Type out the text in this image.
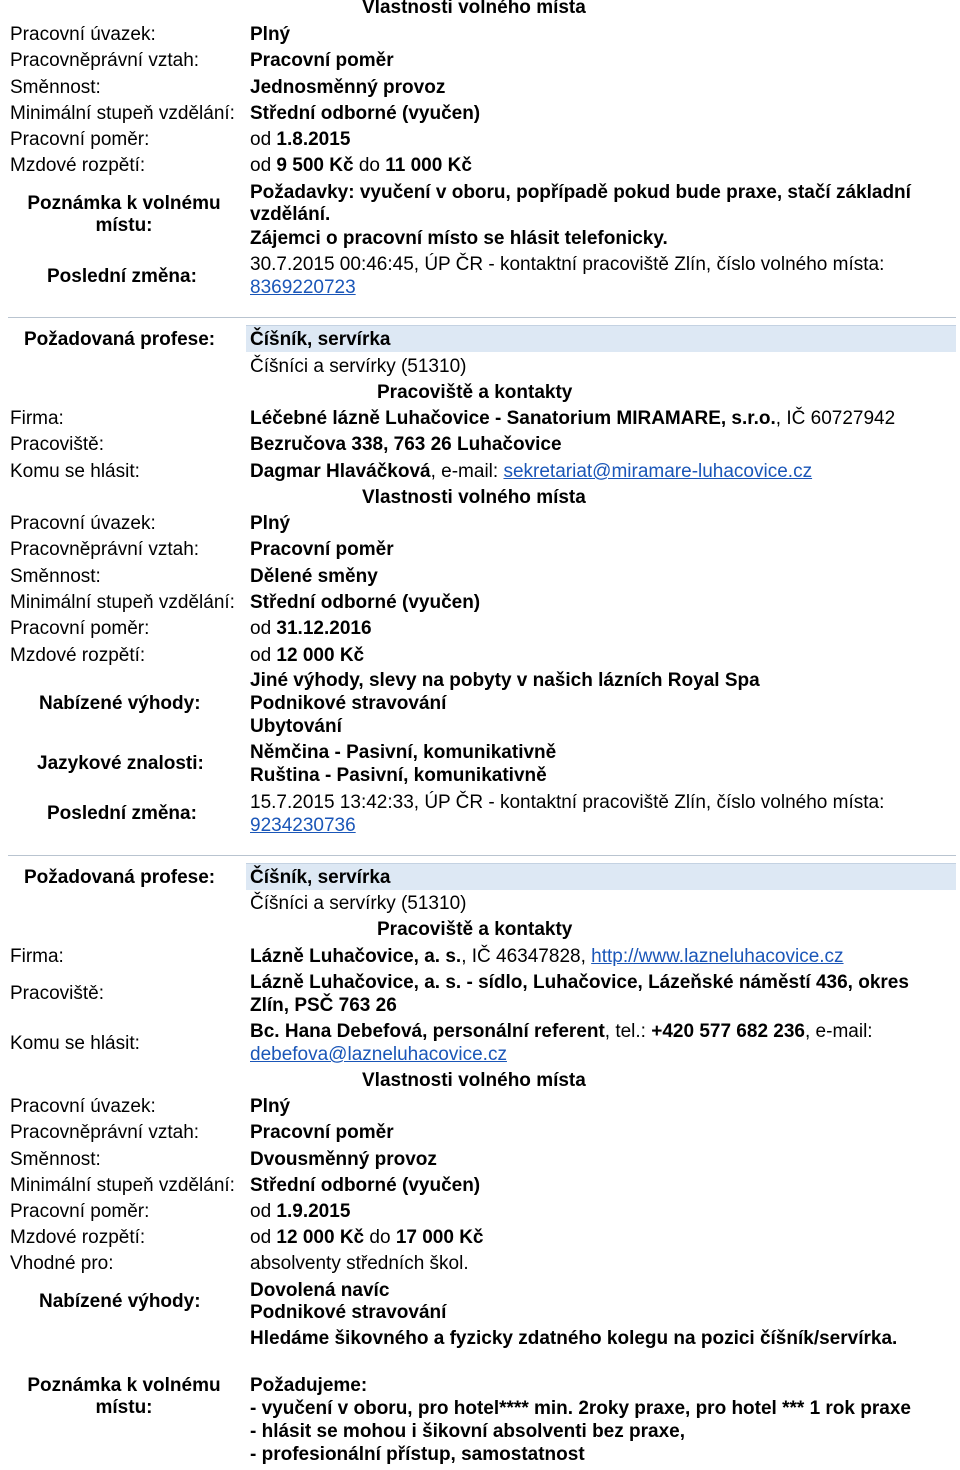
Vlastnosti volného místa
Pracovní úvazek:	Plný
Pracovněprávní vztah:	Pracovní poměr
Směnnost:	Jednosměnný provoz
Minimální stupeň vzdělání: Střední odborné (vyučen)
Pracovní poměr:	od 1.8.2015
Mzdové rozpětí:	od 9 500 Kč do 11 000 Kč
Poznámka k volnému místu:
Požadavky: vyučení v oboru, popřípadě pokud bude praxe, stačí základní
vzdělání.
Zájemci o pracovní místo se hlásit telefonicky.
Poslední změna:
30.7.2015 00:46:45, ÚP ČR - kontaktní pracoviště Zlín, číslo volného místa:
8369220723
Požadovaná profese: Číšník, servírka
Číšníci a servírky (51310)
Pracoviště a kontakty
Firma:	Léčebné lázně Luhačovice - Sanatorium MIRAMARE, s.r.o., IČ 60727942
Pracoviště:	Bezručova 338, 763 26 Luhačovice
Komu se hlásit:	Dagmar Hlaváčková, e-mail: sekretariat@miramare-luhacovice.cz
Vlastnosti volného místa
Pracovní úvazek:	Plný
Pracovněprávní vztah:	Pracovní poměr
Směnnost:	Dělené směny
Minimální stupeň vzdělání: Střední odborné (vyučen)
Pracovní poměr:	od 31.12.2016
Mzdové rozpětí:	od 12 000 Kč
Nabízené výhody:
Jiné výhody, slevy na pobyty v našich lázních Royal Spa
Podnikové stravování
Ubytování
Jazykové znalosti:
Němčina - Pasivní, komunikativně
Ruština - Pasivní, komunikativně
Poslední změna:
15.7.2015 13:42:33, ÚP ČR - kontaktní pracoviště Zlín, číslo volného místa:
9234230736
Požadovaná profese: Číšník, servírka
Číšníci a servírky (51310)
Pracoviště a kontakty
Firma:	Lázně Luhačovice, a. s., IČ 46347828, http://www.lazneluhacovice.cz
Pracoviště:
Lázně Luhačovice, a. s. - sídlo, Luhačovice, Lázeňské náměstí 436, okres
Zlín, PSČ 763 26
Komu se hlásit:
Bc. Hana Debefová, personální referent, tel.: +420 577 682 236, e-mail:
debefova@lazneluhacovice.cz
Vlastnosti volného místa
Pracovní úvazek:	Plný
Pracovněprávní vztah:	Pracovní poměr
Směnnost:	Dvousměnný provoz
Minimální stupeň vzdělání: Střední odborné (vyučen)
Pracovní poměr:	od 1.9.2015
Mzdové rozpětí:	od 12 000 Kč do 17 000 Kč
Vhodné pro:	absolventy středních škol.
Nabízené výhody:
Dovolená navíc
Podnikové stravování
Hledáme šikovného a fyzicky zdatného kolegu na pozici číšník/servírka.
Poznámka k volnému místu:
Požadujeme:
- vyučení v oboru, pro hotel**** min. 2roky praxe, pro hotel *** 1 rok praxe
- hlásit se mohou i šikovní absolventi bez praxe,
- profesionální přístup, samostatnost
